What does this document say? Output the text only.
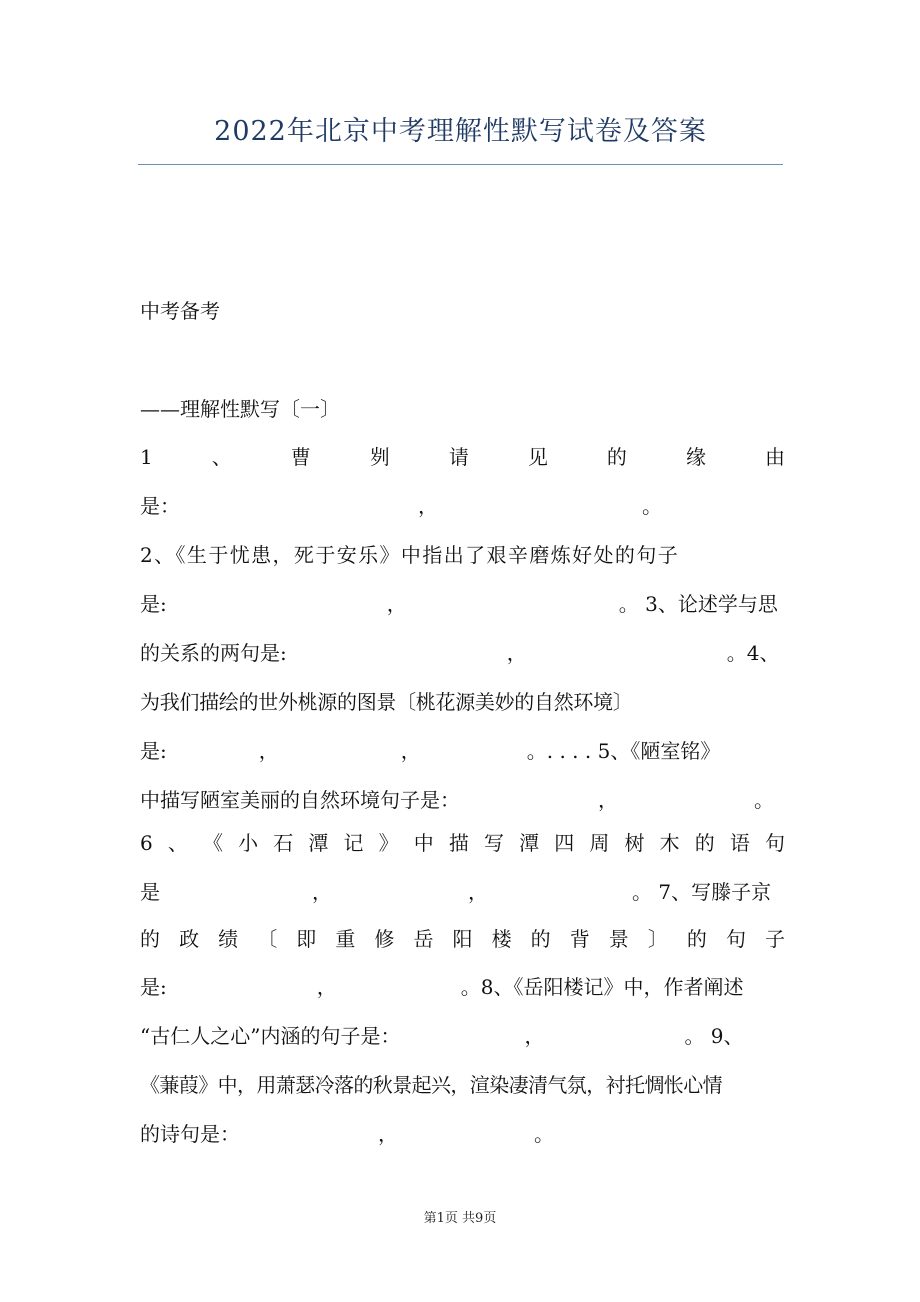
2022年北京中考理解性默写试卷及答案
中考备考
——理解性默写〔一〕
1	、	曹	刿	请	见	的	缘	由
是：	，	。
2、《生于忧患，死于安乐》中指出了艰辛磨炼好处的句子
是:	，	。 3、论述学与思
的关系的两句是:	，	。4、
为我们描绘的世外桃源的图景〔桃花源美妙的自然环境〕
是:	，	，	。. . . . 5、《陋室铭》
中描写陋室美丽的自然环境句子是：	，	。
6 、 《 小 石 潭 记 》 中 描 写 潭 四 周 树 木 的 语 句
是	，	，	。 7、写滕子京
的 政 绩 〔 即 重 修 岳 阳 楼 的 背 景 〕 的 句 子
是:	，	。8、《岳阳楼记》中，作者阐述
“古仁人之心”内涵的句子是：	，	。 9、
《蒹葭》中，用萧瑟冷落的秋景起兴，渲染凄清气氛，衬托惆怅心情
的诗句是：	，	。
第1页 共9页
